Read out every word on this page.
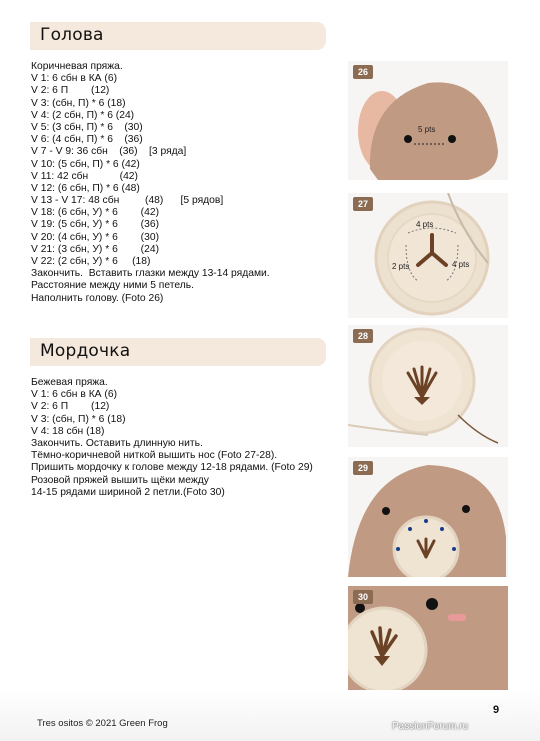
Голова
Коричневая пряжа.
V 1: 6 сбн в КА (6)
V 2: 6 П        (12)
V 3: (сбн, П) * 6 (18)
V 4: (2 сбн, П) * 6 (24)
V 5: (3 сбн, П) * 6    (30)
V 6: (4 сбн, П) * 6    (36)
V 7 - V 9: 36 сбн    (36)    [3 ряда]
V 10: (5 сбн, П) * 6 (42)
V 11: 42 сбн           (42)
V 12: (6 сбн, П) * 6 (48)
V 13 - V 17: 48 сбн         (48)      [5 рядов]
V 18: (6 сбн, У) * 6        (42)
V 19: (5 сбн, У) * 6        (36)
V 20: (4 сбн, У) * 6        (30)
V 21: (3 сбн, У) * 6        (24)
V 22: (2 сбн, У) * 6     (18)
Закончить.  Вставить глазки между 13-14 рядами.
Расстояние между ними 5 петель.
Наполнить голову. (Foto 26)
Мордочка
Бежевая пряжа.
V 1: 6 сбн в КА (6)
V 2: 6 П        (12)
V 3: (сбн, П) * 6 (18)
V 4: 18 сбн (18)
Закончить. Оставить длинную нить.
Тёмно-коричневой ниткой вышить нос (Foto 27-28).
Пришить мордочку к голове между 12-18 рядами. (Foto 29)
Розовой пряжей вышить щёки между
14-15 рядами шириной 2 петли.(Foto 30)
26
5 pts
27
4 pts
2 pts	4 pts
28
29
30
9
Tres ositos © 2021 Green Frog	PassionForum.ru
